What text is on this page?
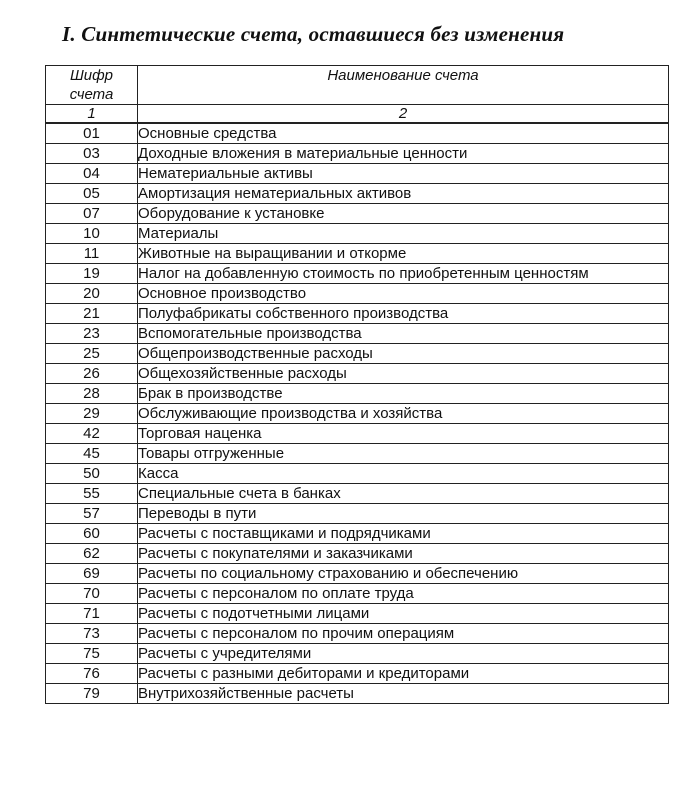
I. Синтетические счета, оставшиеся без изменения
Шифр
счета	Наименование счета
1	2
01	Основные средства
03	Доходные вложения в материальные ценности
04	Нематериальные активы
05	Амортизация нематериальных активов
07	Оборудование к установке
10	Материалы
11	Животные на выращивании и откорме
19	Налог на добавленную стоимость по приобретенным ценностям
20	Основное производство
21	Полуфабрикаты собственного производства
23	Вспомогательные производства
25	Общепроизводственные расходы
26	Общехозяйственные расходы
28	Брак в производстве
29	Обслуживающие производства и хозяйства
42	Торговая наценка
45	Товары отгруженные
50	Касса
55	Специальные счета в банках
57	Переводы в пути
60	Расчеты с поставщиками и подрядчиками
62	Расчеты с покупателями и заказчиками
69	Расчеты по социальному страхованию и обеспечению
70	Расчеты с персоналом по оплате труда
71	Расчеты с подотчетными лицами
73	Расчеты с персоналом по прочим операциям
75	Расчеты с учредителями
76	Расчеты с разными дебиторами и кредиторами
79	Внутрихозяйственные расчеты
